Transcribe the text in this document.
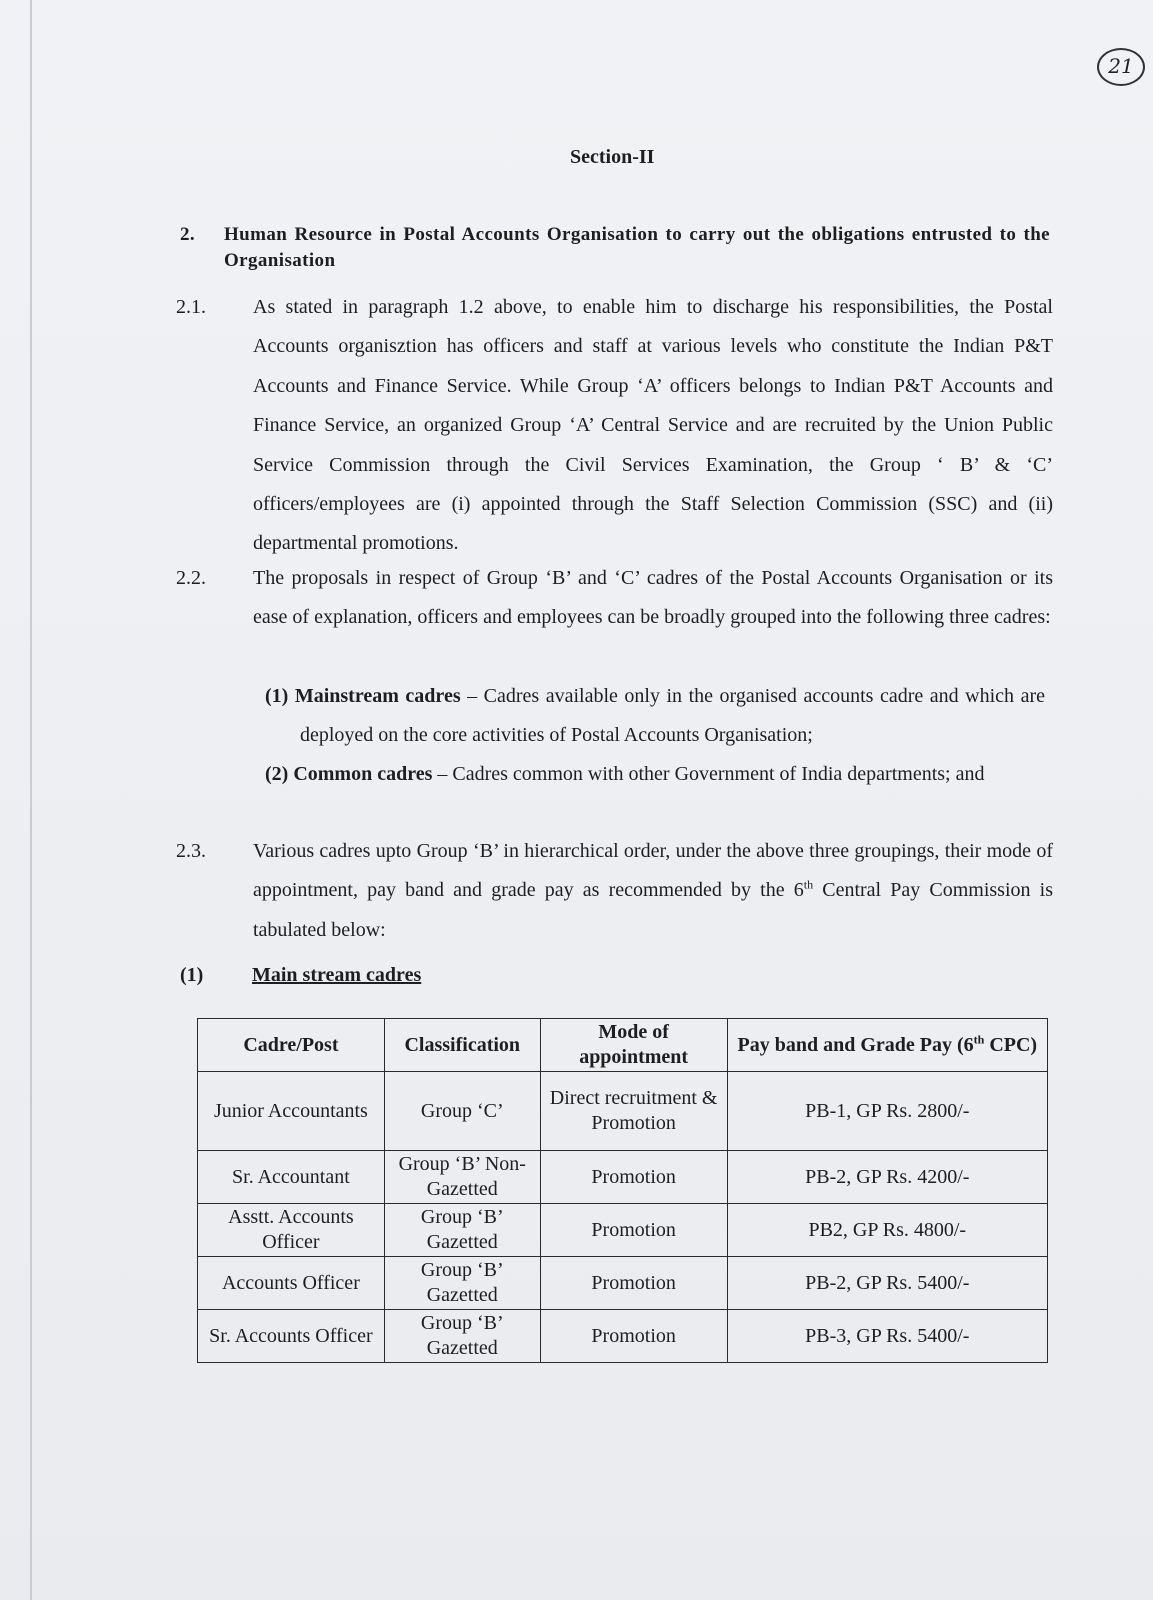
21
Section-II
2. Human Resource in Postal Accounts Organisation to carry out the obligations entrusted to the Organisation
2.1. As stated in paragraph 1.2 above, to enable him to discharge his responsibilities, the Postal Accounts organisztion has officers and staff at various levels who constitute the Indian P&T Accounts and Finance Service. While Group ‘A’ officers belongs to Indian P&T Accounts and Finance Service, an organized Group ‘A’ Central Service and are recruited by the Union Public Service Commission through the Civil Services Examination, the Group ‘ B’ & ‘C’ officers/employees are (i) appointed through the Staff Selection Commission (SSC) and (ii) departmental promotions.
2.2. The proposals in respect of Group ‘B’ and ‘C’ cadres of the Postal Accounts Organisation or its ease of explanation, officers and employees can be broadly grouped into the following three cadres:
(1) Mainstream cadres – Cadres available only in the organised accounts cadre and which are deployed on the core activities of Postal Accounts Organisation;
(2) Common cadres – Cadres common with other Government of India departments; and
2.3. Various cadres upto Group ‘B’ in hierarchical order, under the above three groupings, their mode of appointment, pay band and grade pay as recommended by the 6th Central Pay Commission is tabulated below:
(1) Main stream cadres
Cadre/Post	Classification	Mode of appointment	Pay band and Grade Pay (6th CPC)
Junior Accountants	Group ‘C’	Direct recruitment & Promotion	PB-1, GP Rs. 2800/-
Sr. Accountant	Group ‘B’ Non-Gazetted	Promotion	PB-2, GP Rs. 4200/-
Asstt. Accounts Officer	Group ‘B’ Gazetted	Promotion	PB2, GP Rs. 4800/-
Accounts Officer	Group ‘B’ Gazetted	Promotion	PB-2, GP Rs. 5400/-
Sr. Accounts Officer	Group ‘B’ Gazetted	Promotion	PB-3, GP Rs. 5400/-
